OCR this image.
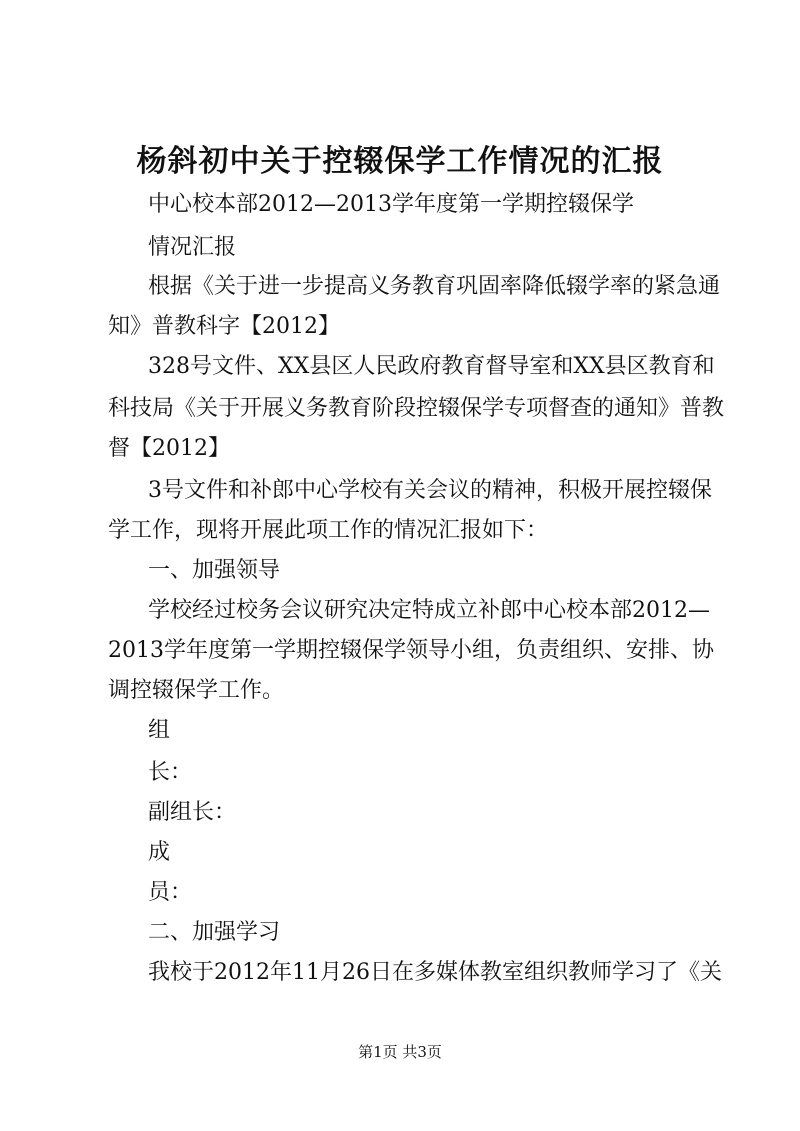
杨斜初中关于控辍保学工作情况的汇报
中心校本部2012—2013学年度第一学期控辍保学
情况汇报
根据《关于进一步提高义务教育巩固率降低辍学率的紧急通
知》普教科字【2012】
328号文件、XX县区人民政府教育督导室和XX县区教育和
科技局《关于开展义务教育阶段控辍保学专项督查的通知》普教
督【2012】
3号文件和补郎中心学校有关会议的精神，积极开展控辍保
学工作，现将开展此项工作的情况汇报如下：
一、加强领导
学校经过校务会议研究决定特成立补郎中心校本部2012—
2013学年度第一学期控辍保学领导小组，负责组织、安排、协
调控辍保学工作。
组
长：
副组长：
成
员：
二、加强学习
我校于2012年11月26日在多媒体教室组织教师学习了《关
第1页 共3页
